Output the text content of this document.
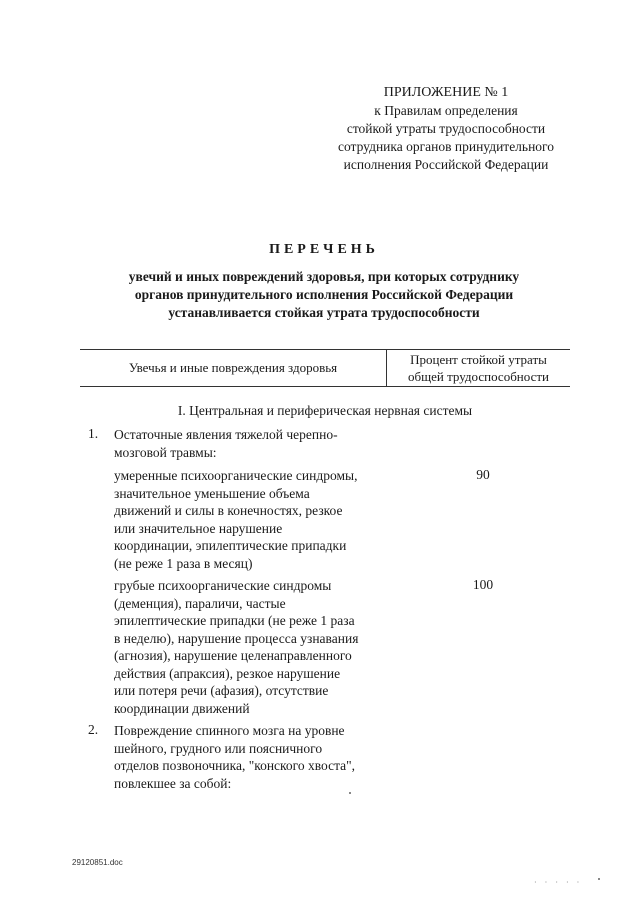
ПРИЛОЖЕНИЕ № 1
к Правилам определения
стойкой утраты трудоспособности
сотрудника органов принудительного
исполнения Российской Федерации
ПЕРЕЧЕНЬ
увечий и иных повреждений здоровья, при которых сотруднику
органов принудительного исполнения Российской Федерации
устанавливается стойкая утрата трудоспособности
Увечья и иные повреждения здоровья
Процент стойкой утраты
общей трудоспособности
I. Центральная и периферическая нервная системы
1. Остаточные явления тяжелой черепно-
мозговой травмы:
умеренные психоорганические синдромы,
значительное уменьшение объема
движений и силы в конечностях, резкое
или значительное нарушение
координации, эпилептические припадки
(не реже 1 раза в месяц)
90
грубые психоорганические синдромы
(деменция), параличи, частые
эпилептические припадки (не реже 1 раза
в неделю), нарушение процесса узнавания
(агнозия), нарушение целенаправленного
действия (апраксия), резкое нарушение
или потеря речи (афазия), отсутствие
координации движений
100
2. Повреждение спинного мозга на уровне
шейного, грудного или поясничного
отделов позвоночника, "конского хвоста",
повлекшее за собой:
29120851.doc
· · · · ·
